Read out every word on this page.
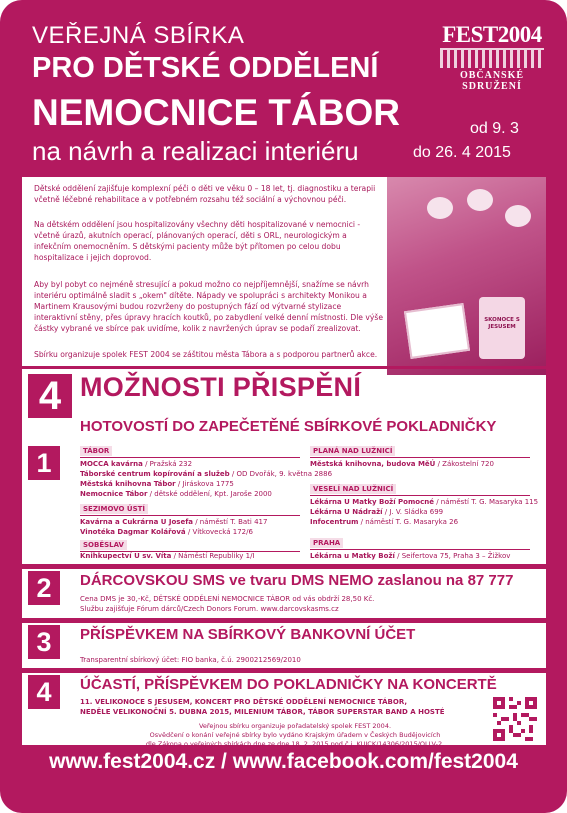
VEŘEJNÁ SBÍRKA
PRO DĚTSKÉ ODDĚLENÍ
NEMOCNICE TÁBOR
na návrh a realizaci interiéru
FEST2004
OBČANSKÉ SDRUŽENÍ
od 9. 3
do 26. 4 2015
SKONOCE S JESUSEM
Dětské oddělení zajišťuje komplexní péči o děti ve věku 0 – 18 let, tj. diagnostiku a terapii včetně léčebné rehabilitace a v potřebném rozsahu též sociální a výchovnou péči.
Na dětském oddělení jsou hospitalizovány všechny děti hospitalizované v nemocnici - včetně úrazů, akutních operací, plánovaných operací, děti s ORL, neurologickým a infekčním onemocněním. S dětskými pacienty může být přítomen po celou dobu hospitalizace i jejich doprovod.
Aby byl pobyt co nejméně stresující a pokud možno co nejpříjemnější, snažíme se návrh interiéru optimálně sladit s „okem" dítěte. Nápady ve spolupráci s architekty Monikou a Martinem Krausovými budou rozvrženy do postupných fází od výtvarné stylizace interaktivní stěny, přes úpravy hracích koutků, po zabydlení velké denní místnosti. Dle výše částky vybrané ve sbírce pak uvidíme, kolik z navržených úprav se podaří zrealizovat.
Sbírku organizuje spolek FEST 2004 se záštitou města Tábora a s podporou partnerů akce.
4 MOŽNOSTI PŘISPĚNÍ
1
HOTOVOSTÍ DO ZAPEČETĚNÉ SBÍRKOVÉ POKLADNIČKY
TÁBOR
MOCCA kavárna / Pražská 232
Táborské centrum kopírování a služeb / OD Dvořák, 9. května 2886
Městská knihovna Tábor / Jiráskova 1775
Nemocnice Tábor / dětské oddělení, Kpt. Jaroše 2000
SEZIMOVO ÚSTÍ
Kavárna a Cukrárna U Josefa / náměstí T. Bati 417
Vinotéka Dagmar Kolářová / Vítkovecká 172/6
SOBĚSLAV
Knihkupectví U sv. Víta / Náměstí Republiky 1/I
PLANÁ NAD LUŽNICÍ
Městská knihovna, budova MěÚ / Zákostelní 720
VESELÍ NAD LUŽNICÍ
Lékárna U Matky Boží Pomocné / náměstí T. G. Masaryka 115
Lékárna U Nádraží / J. V. Sládka 699
Infocentrum / náměstí T. G. Masaryka 26
PRAHA
Lékárna u Matky Boží / Seifertova 75, Praha 3 – Žižkov
2	DÁRCOVSKOU SMS ve tvaru DMS NEMO zaslanou na 87 777
Cena DMS je 30,-Kč, DĚTSKÉ ODDĚLENÍ NEMOCNICE TÁBOR od vás obdrží 28,50 Kč.
Službu zajišťuje Fórum dárců/Czech Donors Forum. www.darcovskasms.cz
3	PŘÍSPĚVKEM NA SBÍRKOVÝ BANKOVNÍ ÚČET
Transparentní sbírkový účet: FIO banka, č.ú. 2900212569/2010
4	ÚČASTÍ, PŘÍSPĚVKEM DO POKLADNIČKY NA KONCERTĚ
11. VELIKONOCE S JESUSEM, KONCERT PRO DĚTSKÉ ODDĚLENÍ NEMOCNICE TÁBOR,
NEDĚLE VELIKONOČNÍ 5. DUBNA 2015, MILENIUM TÁBOR, TÁBOR SUPERSTAR BAND A HOSTÉ
Veřejnou sbírku organizuje pořadatelský spolek FEST 2004.
Osvědčení o konání veřejné sbírky bylo vydáno Krajským úřadem v Českých Budějovicích
dle Zákona o veřejných sbírkách dne ze dne 18. 2. 2015 pod č.j. KUJCK/14306/2015/OLLV-2.
www.fest2004.cz / www.facebook.com/fest2004
